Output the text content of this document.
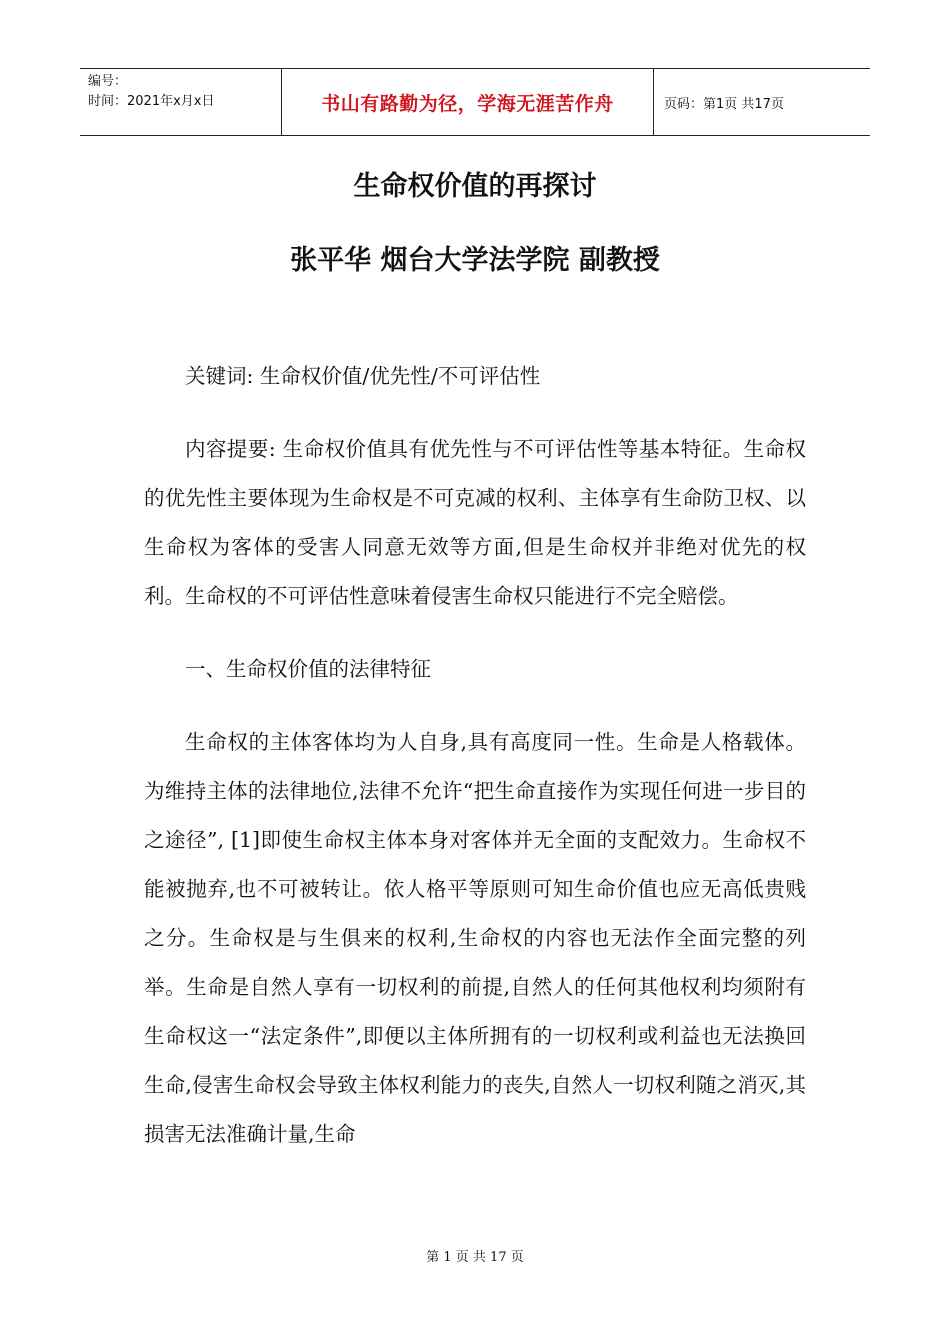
编号：
时间：2021年x月x日	书山有路勤为径，学海无涯苦作舟	页码：第1页 共17页
生命权价值的再探讨
张平华 烟台大学法学院 副教授

关键词: 生命权价值/优先性/不可评估性

内容提要: 生命权价值具有优先性与不可评估性等基本特征。生命权的优先性主要体现为生命权是不可克减的权利、主体享有生命防卫权、以生命权为客体的受害人同意无效等方面,但是生命权并非绝对优先的权利。生命权的不可评估性意味着侵害生命权只能进行不完全赔偿。

一、生命权价值的法律特征

生命权的主体客体均为人自身,具有高度同一性。生命是人格载体。为维持主体的法律地位,法律不允许“把生命直接作为实现任何进一步目的之途径”, [1]即使生命权主体本身对客体并无全面的支配效力。生命权不能被抛弃,也不可被转让。依人格平等原则可知生命价值也应无高低贵贱之分。生命权是与生俱来的权利,生命权的内容也无法作全面完整的列举。生命是自然人享有一切权利的前提,自然人的任何其他权利均须附有生命权这一“法定条件”,即便以主体所拥有的一切权利或利益也无法换回生命,侵害生命权会导致主体权利能力的丧失,自然人一切权利随之消灭,其损害无法准确计量,生命

第 1 页 共 17 页
